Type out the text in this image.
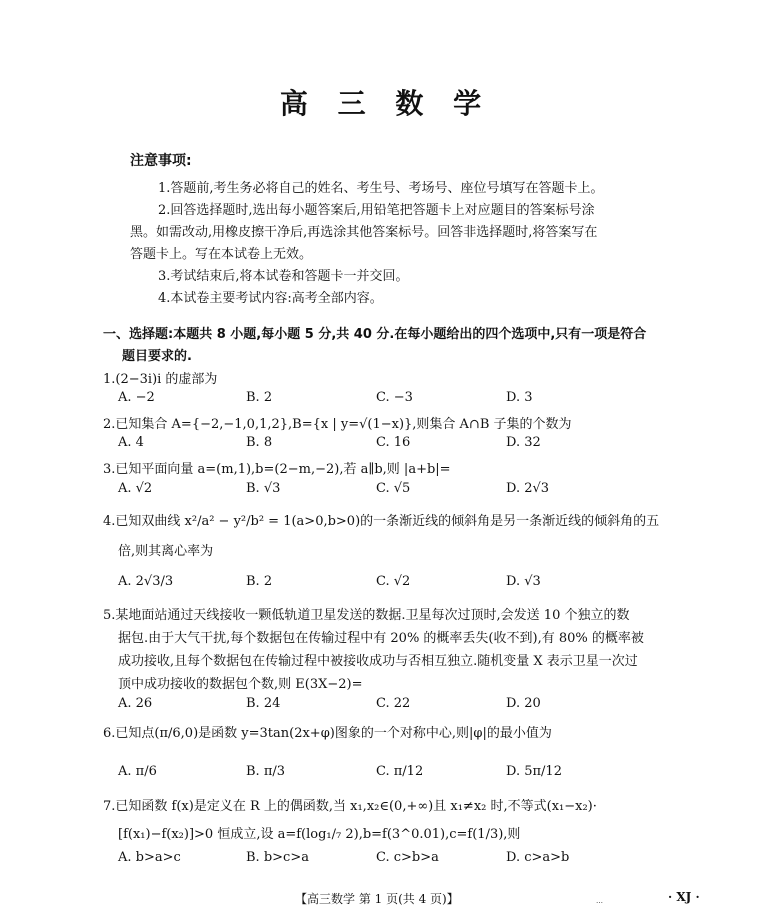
高 三 数 学
注意事项:
1.答题前,考生务必将自己的姓名、考生号、考场号、座位号填写在答题卡上。
2.回答选择题时,选出每小题答案后,用铅笔把答题卡上对应题目的答案标号涂
黑。如需改动,用橡皮擦干净后,再选涂其他答案标号。回答非选择题时,将答案写在
答题卡上。写在本试卷上无效。
3.考试结束后,将本试卷和答题卡一并交回。
4.本试卷主要考试内容:高考全部内容。
一、选择题:本题共 8 小题,每小题 5 分,共 40 分.在每小题给出的四个选项中,只有一项是符合
题目要求的.
1.(2−3i)i 的虚部为
A. −2	B. 2	C. −3	D. 3
2.已知集合 A={−2,−1,0,1,2},B={x | y=√(1−x)},则集合 A∩B 子集的个数为
A. 4	B. 8	C. 16	D. 32
3.已知平面向量 a=(m,1),b=(2−m,−2),若 a∥b,则 |a+b|=
A. √2	B. √3	C. √5	D. 2√3
4.已知双曲线 x²/a² − y²/b² = 1(a>0,b>0)的一条渐近线的倾斜角是另一条渐近线的倾斜角的五
倍,则其离心率为
A. 2√3/3	B. 2	C. √2	D. √3
5.某地面站通过天线接收一颗低轨道卫星发送的数据.卫星每次过顶时,会发送 10 个独立的数
据包.由于大气干扰,每个数据包在传输过程中有 20% 的概率丢失(收不到),有 80% 的概率被
成功接收,且每个数据包在传输过程中被接收成功与否相互独立.随机变量 X 表示卫星一次过
顶中成功接收的数据包个数,则 E(3X−2)=
A. 26	B. 24	C. 22	D. 20
6.已知点(π/6,0)是函数 y=3tan(2x+φ)图象的一个对称中心,则|φ|的最小值为
A. π/6	B. π/3	C. π/12	D. 5π/12
7.已知函数 f(x)是定义在 R 上的偶函数,当 x₁,x₂∈(0,+∞)且 x₁≠x₂ 时,不等式(x₁−x₂)·
[f(x₁)−f(x₂)]>0 恒成立,设 a=f(log₁/₇ 2),b=f(3^0.01),c=f(1/3),则
A. b>a>c	B. b>c>a	C. c>b>a	D. c>a>b
【高三数学 第 1 页(共 4 页)】	…	· XJ ·
